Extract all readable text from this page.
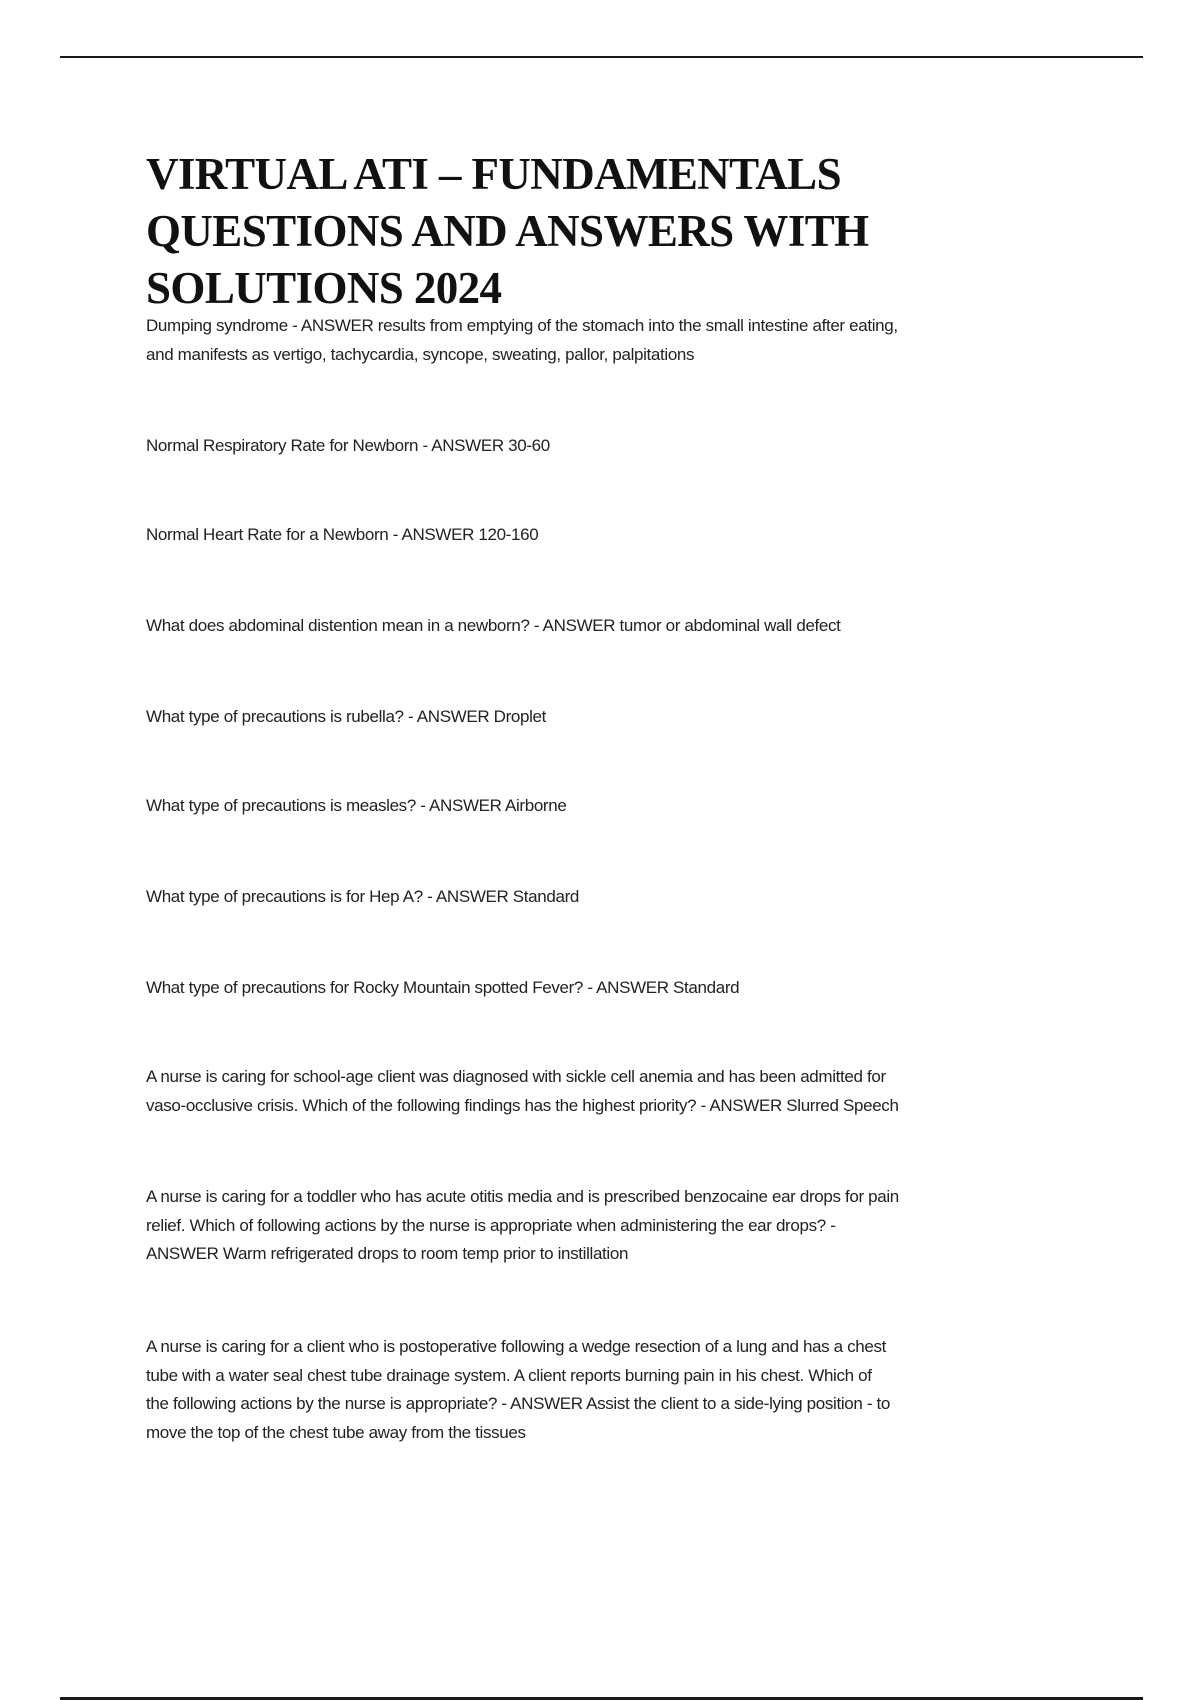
VIRTUAL ATI – FUNDAMENTALS
QUESTIONS AND ANSWERS WITH
SOLUTIONS 2024

Dumping syndrome - ANSWER results from emptying of the stomach into the small intestine after eating,
and manifests as vertigo, tachycardia, syncope, sweating, pallor, palpitations

Normal Respiratory Rate for Newborn - ANSWER 30-60

Normal Heart Rate for a Newborn - ANSWER 120-160

What does abdominal distention mean in a newborn? - ANSWER tumor or abdominal wall defect

What type of precautions is rubella? - ANSWER Droplet

What type of precautions is measles? - ANSWER Airborne

What type of precautions is for Hep A? - ANSWER Standard

What type of precautions for Rocky Mountain spotted Fever? - ANSWER Standard

A nurse is caring for school-age client was diagnosed with sickle cell anemia and has been admitted for
vaso-occlusive crisis. Which of the following findings has the highest priority? - ANSWER Slurred Speech

A nurse is caring for a toddler who has acute otitis media and is prescribed benzocaine ear drops for pain
relief. Which of following actions by the nurse is appropriate when administering the ear drops? -
ANSWER Warm refrigerated drops to room temp prior to instillation

A nurse is caring for a client who is postoperative following a wedge resection of a lung and has a chest
tube with a water seal chest tube drainage system. A client reports burning pain in his chest. Which of
the following actions by the nurse is appropriate? - ANSWER Assist the client to a side-lying position - to
move the top of the chest tube away from the tissues
